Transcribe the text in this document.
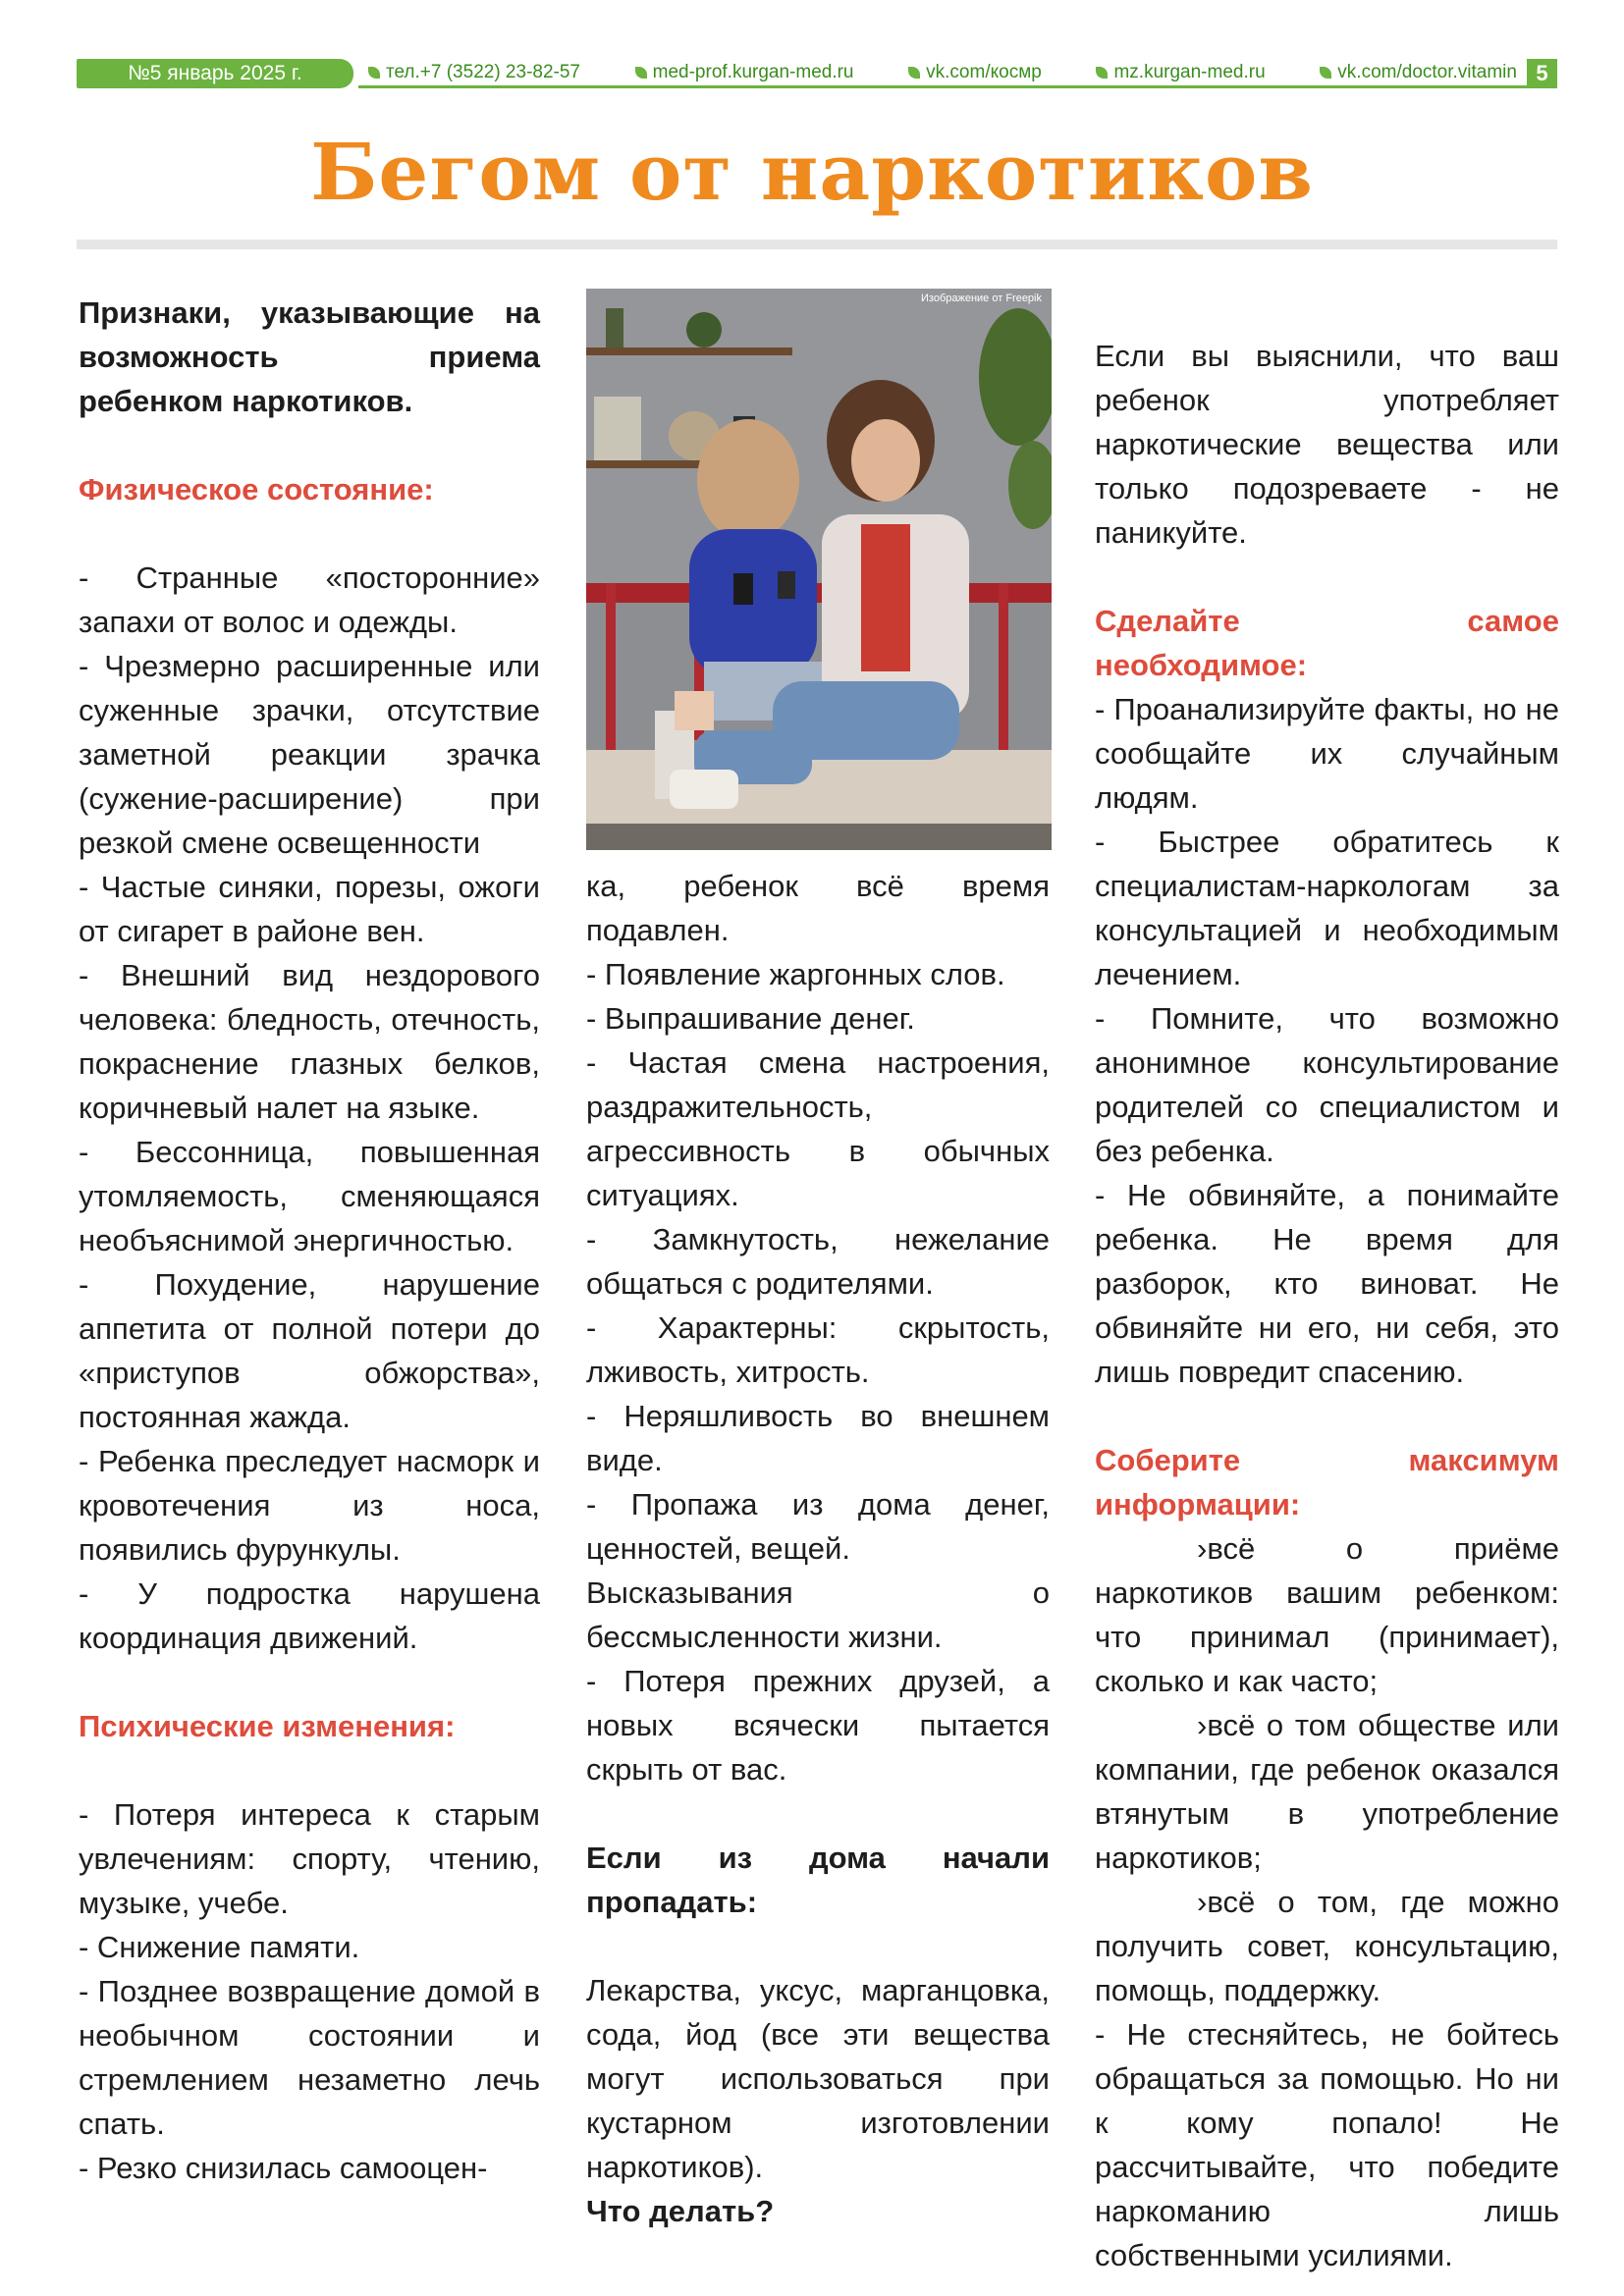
№5 январь 2025 г.	тел.+7 (3522) 23-82-57	med-prof.kurgan-med.ru	vk.com/космр	mz.kurgan-med.ru	vk.com/doctor.vitamin 5
Бегом от наркотиков
Изображение от Freepik

Признаки, указывающие на возможность приема ребенком наркотиков.

Физическое состояние:

- Странные «посторонние» запахи от волос и одежды.

- Чрезмерно расширенные или суженные зрачки, отсутствие заметной реакции зрачка (сужение-расширение) при резкой смене освещенности

- Частые синяки, порезы, ожоги от сигарет в районе вен.

- Внешний вид нездорового человека: бледность, отечность, покраснение глазных белков, коричневый налет на языке.

- Бессонница, повышенная утомляемость, сменяющаяся необъяснимой энергичностью.

- Похудение, нарушение аппетита от полной потери до «приступов обжорства», постоянная жажда.

- Ребенка преследует насморк и кровотечения из носа, появились фурункулы.

- У подростка нарушена координация движений.

Психические изменения:

- Потеря интереса к старым увлечениям: спорту, чтению, музыке, учебе.

- Снижение памяти.

- Позднее возвращение домой в необычном состоянии и стремлением незаметно лечь спать.

- Резко снизилась самооцен-

ка, ребенок всё время подавлен.

- Появление жаргонных слов.

- Выпрашивание денег.

- Частая смена настроения, раздражительность, агрессивность в обычных ситуациях.

- Замкнутость, нежелание общаться с родителями.

- Характерны: скрытость, лживость, хитрость.

- Неряшливость во внешнем виде.

- Пропажа из дома денег, ценностей, вещей.

Высказывания о бессмысленности жизни.

- Потеря прежних друзей, а новых всячески пытается скрыть от вас.

Если из дома начали пропадать:

Лекарства, уксус, марганцовка, сода, йод (все эти вещества могут использоваться при кустарном изготовлении наркотиков).

Что делать?

Если вы выяснили, что ваш ребенок употребляет наркотические вещества или только подозреваете - не паникуйте.

Сделайте самое необходимое:

- Проанализируйте факты, но не сообщайте их случайным людям.

- Быстрее обратитесь к специалистам-наркологам за консультацией и необходимым лечением.

- Помните, что возможно анонимное консультирование родителей со специалистом и без ребенка.

- Не обвиняйте, а понимайте ребенка. Не время для разборок, кто виноват. Не обвиняйте ни его, ни себя, это лишь повредит спасению.

Соберите максимум информации:

›всё о приёме наркотиков вашим ребенком: что принимал (принимает), сколько и как часто;

›всё о том обществе или компании, где ребенок оказался втянутым в употребление наркотиков;

›всё о том, где можно получить совет, консультацию, помощь, поддержку.

- Не стесняйтесь, не бойтесь обращаться за помощью. Но ни к кому попало! Не рассчитывайте, что победите наркоманию лишь собственными усилиями.
